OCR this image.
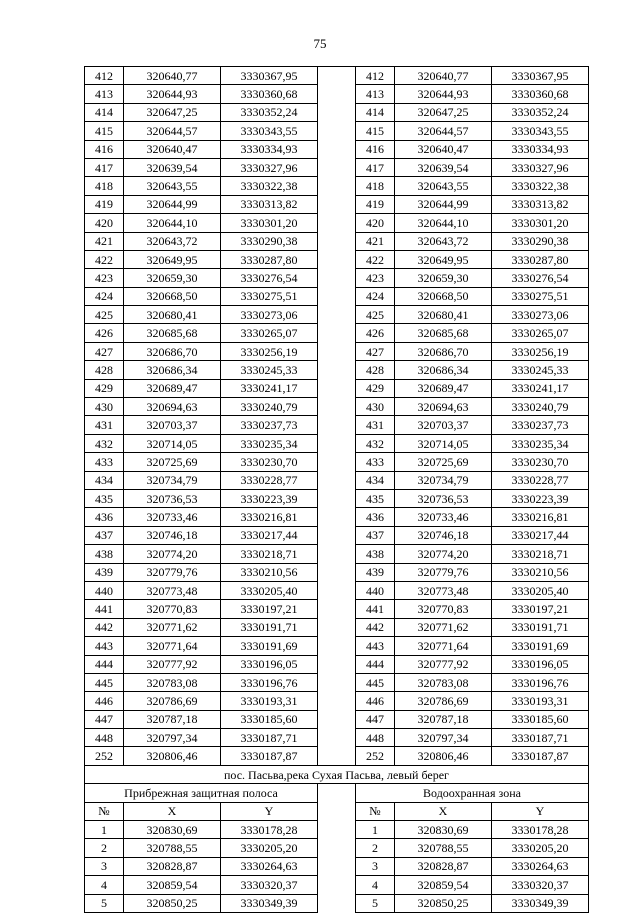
75
412	320640,77	3330367,95		412	320640,77	3330367,95
413	320644,93	3330360,68		413	320644,93	3330360,68
414	320647,25	3330352,24		414	320647,25	3330352,24
415	320644,57	3330343,55		415	320644,57	3330343,55
416	320640,47	3330334,93		416	320640,47	3330334,93
417	320639,54	3330327,96		417	320639,54	3330327,96
418	320643,55	3330322,38		418	320643,55	3330322,38
419	320644,99	3330313,82		419	320644,99	3330313,82
420	320644,10	3330301,20		420	320644,10	3330301,20
421	320643,72	3330290,38		421	320643,72	3330290,38
422	320649,95	3330287,80		422	320649,95	3330287,80
423	320659,30	3330276,54		423	320659,30	3330276,54
424	320668,50	3330275,51		424	320668,50	3330275,51
425	320680,41	3330273,06		425	320680,41	3330273,06
426	320685,68	3330265,07		426	320685,68	3330265,07
427	320686,70	3330256,19		427	320686,70	3330256,19
428	320686,34	3330245,33		428	320686,34	3330245,33
429	320689,47	3330241,17		429	320689,47	3330241,17
430	320694,63	3330240,79		430	320694,63	3330240,79
431	320703,37	3330237,73		431	320703,37	3330237,73
432	320714,05	3330235,34		432	320714,05	3330235,34
433	320725,69	3330230,70		433	320725,69	3330230,70
434	320734,79	3330228,77		434	320734,79	3330228,77
435	320736,53	3330223,39		435	320736,53	3330223,39
436	320733,46	3330216,81		436	320733,46	3330216,81
437	320746,18	3330217,44		437	320746,18	3330217,44
438	320774,20	3330218,71		438	320774,20	3330218,71
439	320779,76	3330210,56		439	320779,76	3330210,56
440	320773,48	3330205,40		440	320773,48	3330205,40
441	320770,83	3330197,21		441	320770,83	3330197,21
442	320771,62	3330191,71		442	320771,62	3330191,71
443	320771,64	3330191,69		443	320771,64	3330191,69
444	320777,92	3330196,05		444	320777,92	3330196,05
445	320783,08	3330196,76		445	320783,08	3330196,76
446	320786,69	3330193,31		446	320786,69	3330193,31
447	320787,18	3330185,60		447	320787,18	3330185,60
448	320797,34	3330187,71		448	320797,34	3330187,71
252	320806,46	3330187,87		252	320806,46	3330187,87
пос. Пасьва,река Сухая Пасьва, левый берег						
Прибрежная защитная полоса				Водоохранная зона		
№	X	Y		№	X	Y
1	320830,69	3330178,28		1	320830,69	3330178,28
2	320788,55	3330205,20		2	320788,55	3330205,20
3	320828,87	3330264,63		3	320828,87	3330264,63
4	320859,54	3330320,37		4	320859,54	3330320,37
5	320850,25	3330349,39		5	320850,25	3330349,39
